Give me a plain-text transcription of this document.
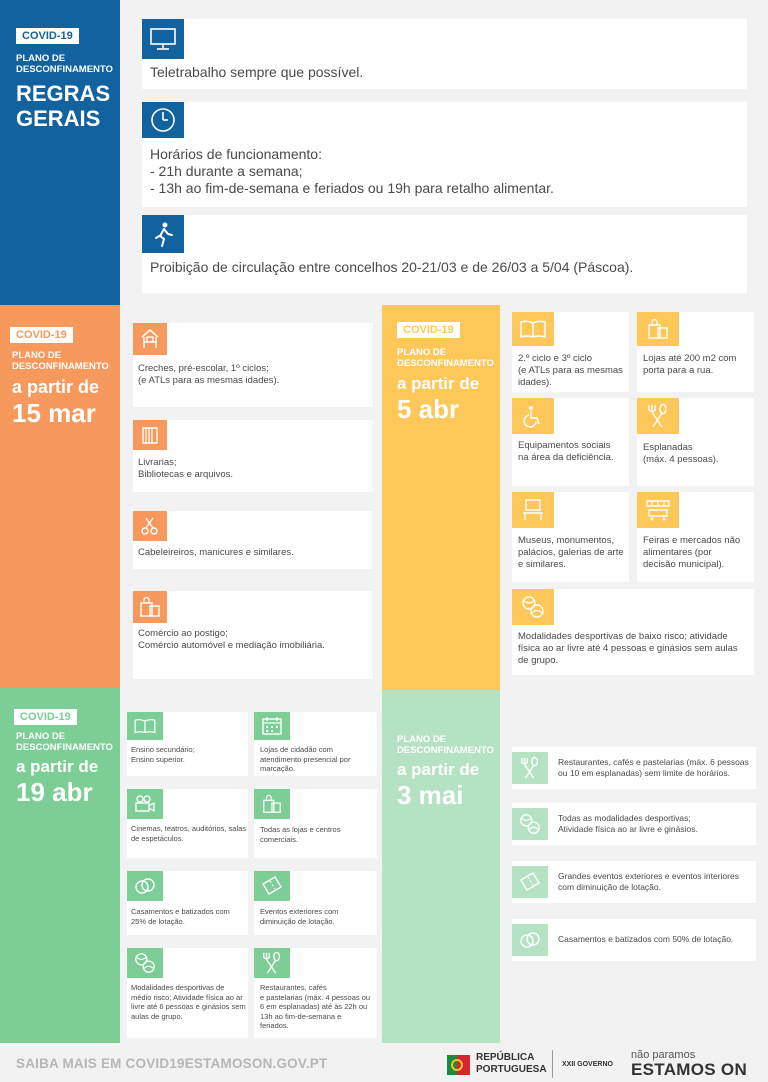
COVID-19
PLANO DE
DESCONFINAMENTO
REGRAS
GERAIS
Teletrabalho sempre que possível.
Horários de funcionamento:
- 21h durante a semana;
- 13h ao fim-de-semana e feriados ou 19h para retalho alimentar.
Proibição de circulação entre concelhos 20-21/03 e de 26/03 a 5/04 (Páscoa).
COVID-19
PLANO DE
DESCONFINAMENTO
a partir de
15 mar
Creches, pré-escolar, 1º ciclos;
(e ATLs para as mesmas idades).
Livrarias;
Bibliotecas e arquivos.
Cabeleireiros, manicures e similares.
Comércio ao postigo;
Comércio automóvel e mediação imobiliária.
COVID-19
PLANO DE
DESCONFINAMENTO
a partir de
5 abr
2.º ciclo e 3º ciclo
(e ATLs para as mesmas
idades).
Lojas até 200 m2 com
porta para a rua.
Equipamentos sociais
na área da deficiência.
Esplanadas
(máx. 4 pessoas).
Museus, monumentos,
palácios, galerias de arte
e similares.
Feiras e mercados não
alimentares (por
decisão municipal).
Modalidades desportivas de baixo risco; atividade
física ao ar livre até 4 pessoas e ginásios sem aulas
de grupo.
COVID-19
PLANO DE
DESCONFINAMENTO
a partir de
19 abr
Ensino secundário;
Ensino superior.
Cinemas, teatros, auditórios, salas
de espetáculos.
Casamentos e batizados com
25% de lotação.
Modalidades desportivas de
médio risco; Atividade física ao ar
livre até 6 pessoas e ginásios sem
aulas de grupo.
Lojas de cidadão com
atendimento presencial por
marcação.
Todas as lojas e centros
comerciais.
Eventos exteriores com
diminuição de lotação.
Restaurantes, cafés
e pastelarias (máx. 4 pessoas ou
6 em esplanadas) até às 22h ou
13h ao fim-de-semana e
feriados.
PLANO DE
DESCONFINAMENTO
a partir de
3 mai
Restaurantes, cafés e pastelarias (máx. 6 pessoas
ou 10 em esplanadas) sem limite de horários.
Todas as modalidades desportivas;
Atividade física ao ar livre e ginásios.
Grandes eventos exteriores e eventos interiores
com diminuição de lotação.
Casamentos e batizados com 50% de lotação.
SAIBA MAIS EM COVID19ESTAMOSON.GOV.PT	REPÚBLICA
PORTUGUESA XXII GOVERNO
não paramos
ESTAMOS ON
